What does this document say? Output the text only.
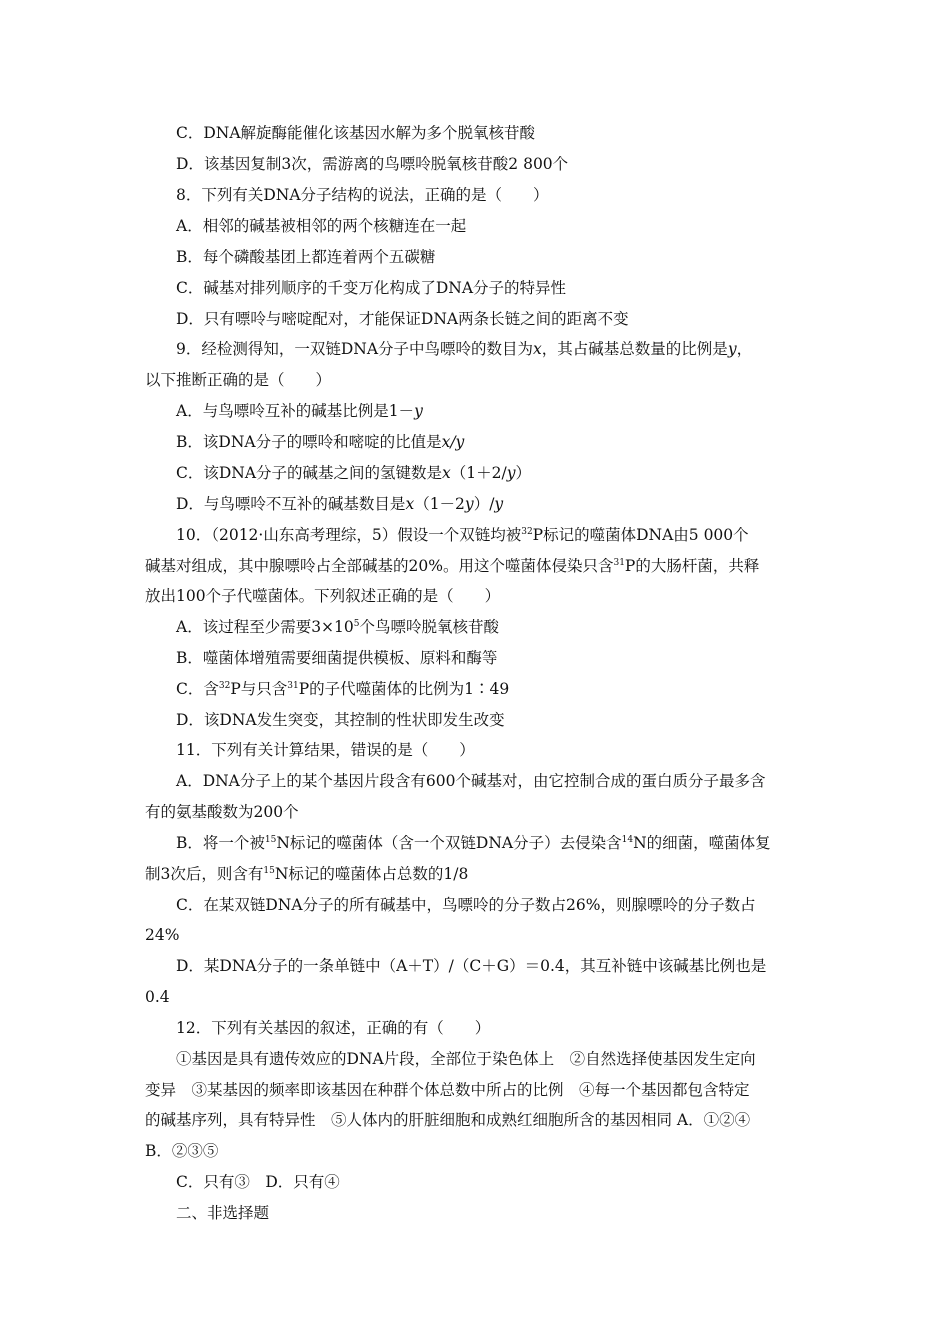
C．DNA解旋酶能催化该基因水解为多个脱氧核苷酸
D．该基因复制3次，需游离的鸟嘌呤脱氧核苷酸2 800个
8．下列有关DNA分子结构的说法，正确的是（　　）
A．相邻的碱基被相邻的两个核糖连在一起
B．每个磷酸基团上都连着两个五碳糖
C．碱基对排列顺序的千变万化构成了DNA分子的特异性
D．只有嘌呤与嘧啶配对，才能保证DNA两条长链之间的距离不变
9．经检测得知，一双链DNA分子中鸟嘌呤的数目为x，其占碱基总数量的比例是y，
以下推断正确的是（　　）
A．与鸟嘌呤互补的碱基比例是1－y
B．该DNA分子的嘌呤和嘧啶的比值是x/y
C．该DNA分子的碱基之间的氢键数是x（1＋2/y）
D．与鸟嘌呤不互补的碱基数目是x（1－2y）/y
10．（2012·山东高考理综，5）假设一个双链均被$^{32}$P标记的噬菌体DNA由5 000个
碱基对组成，其中腺嘌呤占全部碱基的20%。用这个噬菌体侵染只含$^{31}$P的大肠杆菌，共释
放出100个子代噬菌体。下列叙述正确的是（　　）
A．该过程至少需要$3\times 10^5$个鸟嘌呤脱氧核苷酸
B．噬菌体增殖需要细菌提供模板、原料和酶等
C．含$^{32}$P与只含$^{31}$P的子代噬菌体的比例为1∶49
D．该DNA发生突变，其控制的性状即发生改变
11．下列有关计算结果，错误的是（　　）
A．DNA分子上的某个基因片段含有600个碱基对，由它控制合成的蛋白质分子最多含
有的氨基酸数为200个
B．将一个被$^{15}$N标记的噬菌体（含一个双链DNA分子）去侵染含$^{14}$N的细菌，噬菌体复
制3次后，则含有$^{15}$N标记的噬菌体占总数的1/8
C．在某双链DNA分子的所有碱基中，鸟嘌呤的分子数占26%，则腺嘌呤的分子数占
24%
D．某DNA分子的一条单链中（A＋T）/（C＋G）＝0.4，其互补链中该碱基比例也是
0.4
12．下列有关基因的叙述，正确的有（　　）
①基因是具有遗传效应的DNA片段，全部位于染色体上　②自然选择使基因发生定向
变异　③某基因的频率即该基因在种群个体总数中所占的比例　④每一个基因都包含特定
的碱基序列，具有特异性　⑤人体内的肝脏细胞和成熟红细胞所含的基因相同 A．①②④
B．②③⑤
C．只有③　D．只有④
二、非选择题
